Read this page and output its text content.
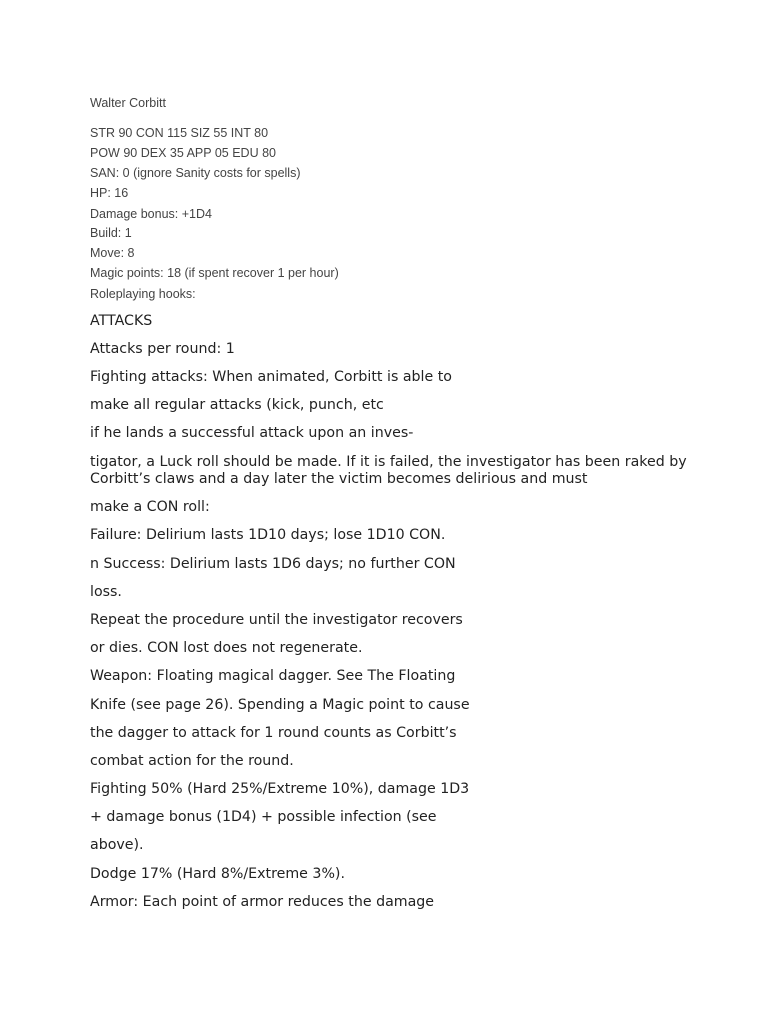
Walter Corbitt
STR 90 CON 115 SIZ 55 INT 80
POW 90 DEX 35 APP 05 EDU 80
SAN: 0 (ignore Sanity costs for spells)
HP: 16
Damage bonus: +1D4
Build: 1
Move: 8
Magic points: 18 (if spent recover 1 per hour)
Roleplaying hooks:
ATTACKS
Attacks per round: 1
Fighting attacks: When animated, Corbitt is able to
make all regular attacks (kick, punch, etc
if he lands a successful attack upon an inves-
tigator, a Luck roll should be made. If it is failed, the investigator has been raked by Corbitt’s claws and a day later the victim becomes delirious and must
make a CON roll:
Failure: Delirium lasts 1D10 days; lose 1D10 CON.
n Success: Delirium lasts 1D6 days; no further CON
loss.
Repeat the procedure until the investigator recovers
or dies. CON lost does not regenerate.
Weapon: Floating magical dagger. See The Floating
Knife (see page 26). Spending a Magic point to cause
the dagger to attack for 1 round counts as Corbitt’s
combat action for the round.
Fighting 50% (Hard 25%/Extreme 10%), damage 1D3
+ damage bonus (1D4) + possible infection (see
above).
Dodge 17% (Hard 8%/Extreme 3%).
Armor: Each point of armor reduces the damage
